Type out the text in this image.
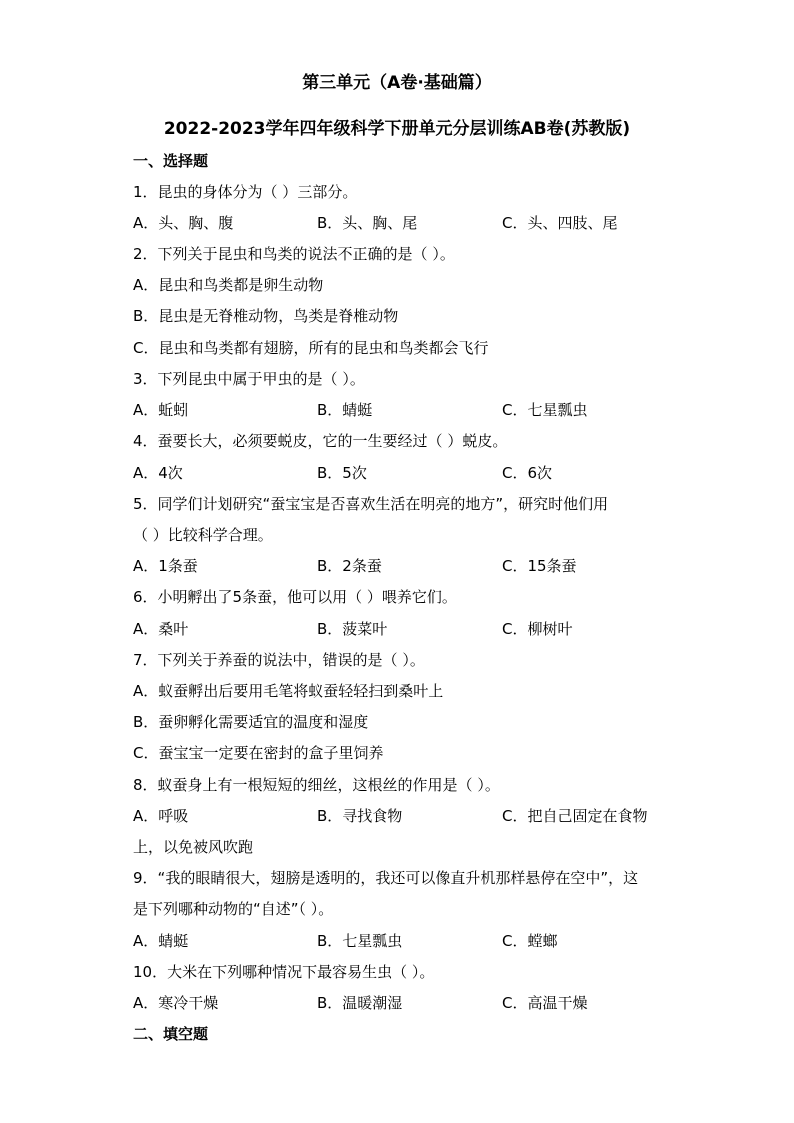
第三单元（A卷·基础篇）
2022-2023学年四年级科学下册单元分层训练AB卷(苏教版)
一、选择题
1．昆虫的身体分为（ ）三部分。
A．头、胸、腹	B．头、胸、尾	C．头、四肢、尾
2．下列关于昆虫和鸟类的说法不正确的是（ ）。
A．昆虫和鸟类都是卵生动物
B．昆虫是无脊椎动物，鸟类是脊椎动物
C．昆虫和鸟类都有翅膀，所有的昆虫和鸟类都会飞行
3．下列昆虫中属于甲虫的是（ ）。
A．蚯蚓	B．蜻蜓	C．七星瓢虫
4．蚕要长大，必须要蜕皮，它的一生要经过（ ）蜕皮。
A．4次	B．5次	C．6次
5．同学们计划研究“蚕宝宝是否喜欢生活在明亮的地方”，研究时他们用
（ ）比较科学合理。
A．1条蚕	B．2条蚕	C．15条蚕
6．小明孵出了5条蚕，他可以用（ ）喂养它们。
A．桑叶	B．菠菜叶	C．柳树叶
7．下列关于养蚕的说法中，错误的是（ ）。
A．蚁蚕孵出后要用毛笔将蚁蚕轻轻扫到桑叶上
B．蚕卵孵化需要适宜的温度和湿度
C．蚕宝宝一定要在密封的盒子里饲养
8．蚁蚕身上有一根短短的细丝，这根丝的作用是（ ）。
A．呼吸	B．寻找食物	C．把自己固定在食物
上，以免被风吹跑
9．“我的眼睛很大，翅膀是透明的，我还可以像直升机那样悬停在空中”，这
是下列哪种动物的“自述”（ ）。
A．蜻蜓	B．七星瓢虫	C．螳螂
10．大米在下列哪种情况下最容易生虫（ ）。
A．寒冷干燥	B．温暖潮湿	C．高温干燥
二、填空题
